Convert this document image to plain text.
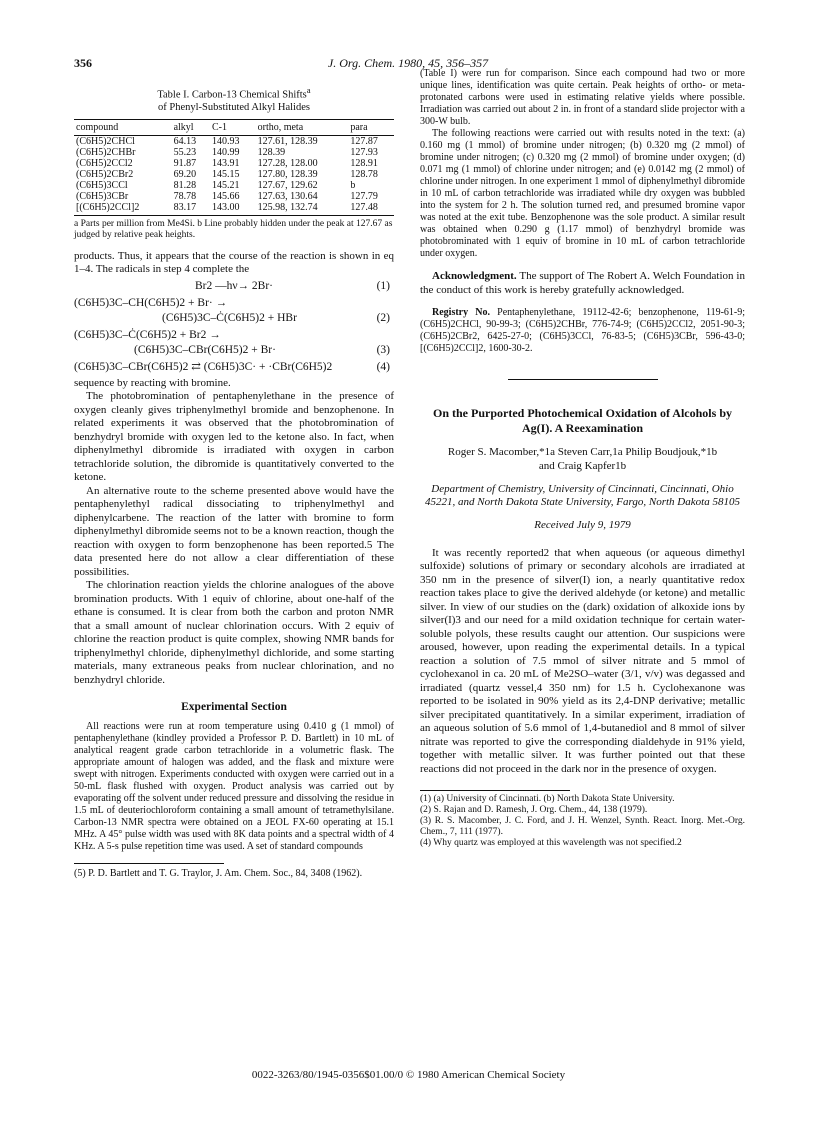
356	J. Org. Chem. 1980, 45, 356–357
Table I. Carbon-13 Chemical Shifts$^a$
of Phenyl-Substituted Alkyl Halides
compound	alkyl	C-1	ortho, meta	para
(C6H5)2CHCl	64.13	140.93	127.61, 128.39	127.87
(C6H5)2CHBr	55.23	140.99	128.39	127.93
(C6H5)2CCl2	91.87	143.91	127.28, 128.00	128.91
(C6H5)2CBr2	69.20	145.15	127.80, 128.39	128.78
(C6H5)3CCl	81.28	145.21	127.67, 129.62	b
(C6H5)3CBr	78.78	145.66	127.63, 130.64	127.79
[(C6H5)2CCl]2	83.17	143.00	125.98, 132.74	127.48
a Parts per million from Me4Si. b Line probably hidden under the peak at 127.67 as judged by relative peak heights.

products. Thus, it appears that the course of the reaction is shown in eq 1–4. The radicals in step 4 complete the

Br2 —hν→ 2Br·	(1)
(C6H5)3C–CH(C6H5)2 + Br· →
(C6H5)3C–Ċ(C6H5)2 + HBr	(2)
(C6H5)3C–Ċ(C6H5)2 + Br2 →
(C6H5)3C–CBr(C6H5)2 + Br·	(3)
(C6H5)3C–CBr(C6H5)2 ⇄ (C6H5)3C· + ·CBr(C6H5)2	(4)

sequence by reacting with bromine.

The photobromination of pentaphenylethane in the presence of oxygen cleanly gives triphenylmethyl bromide and benzophenone. In related experiments it was observed that the photobromination of benzhydryl bromide with oxygen led to the ketone also. In fact, when diphenylmethyl dibromide is irradiated with oxygen in carbon tetrachloride solution, the dibromide is quantitatively converted to the ketone.

An alternative route to the scheme presented above would have the pentaphenylethyl radical dissociating to triphenylmethyl and diphenylcarbene. The reaction of the latter with bromine to form diphenylmethyl dibromide seems not to be a known reaction, though the reaction with oxygen to form benzophenone has been reported.5 The data presented here do not allow a clear differentiation of these possibilities.

The chlorination reaction yields the chlorine analogues of the above bromination products. With 1 equiv of chlorine, about one-half of the ethane is consumed. It is clear from both the carbon and proton NMR that a small amount of nuclear chlorination occurs. With 2 equiv of chlorine the reaction product is quite complex, showing NMR bands for triphenylmethyl chloride, diphenylmethyl dichloride, and some starting materials, many extraneous peaks from nuclear chlorination, and no benzhydryl chloride.

Experimental Section

All reactions were run at room temperature using 0.410 g (1 mmol) of pentaphenylethane (kindley provided a Professor P. D. Bartlett) in 10 mL of analytical reagent grade carbon tetrachloride in a volumetric flask. The appropriate amount of halogen was added, and the flask and mixture were swept with nitrogen. Experiments conducted with oxygen were carried out in a 50-mL flask flushed with oxygen. Product analysis was carried out by evaporating off the solvent under reduced pressure and dissolving the residue in 1.5 mL of deuteriochloroform containing a small amount of tetramethylsilane. Carbon-13 NMR spectra were obtained on a JEOL FX-60 operating at 15.1 MHz. A 45° pulse width was used with 8K data points and a spectral width of 4 KHz. A 5-s pulse repetition time was used. A set of standard compounds

(5) P. D. Bartlett and T. G. Traylor, J. Am. Chem. Soc., 84, 3408 (1962).

(Table I) were run for comparison. Since each compound had two or more unique lines, identification was quite certain. Peak heights of ortho- or meta-protonated carbons were used in estimating relative yields where possible. Irradiation was carried out about 2 in. in front of a standard slide projector with a 300-W bulb.

The following reactions were carried out with results noted in the text: (a) 0.160 mg (1 mmol) of bromine under nitrogen; (b) 0.320 mg (2 mmol) of bromine under nitrogen; (c) 0.320 mg (2 mmol) of bromine under oxygen; (d) 0.071 mg (1 mmol) of chlorine under nitrogen; and (e) 0.0142 mg (2 mmol) of chlorine under nitrogen. In one experiment 1 mmol of diphenylmethyl dibromide in 10 mL of carbon tetrachloride was irradiated while dry oxygen was bubbled into the system for 2 h. The solution turned red, and presumed bromine vapor was noted at the exit tube. Benzophenone was the sole product. A similar result was obtained when 0.290 g (1.17 mmol) of benzhydryl bromide was photobrominated with 1 equiv of bromine in 10 mL of carbon tetrachloride under oxygen.

Acknowledgment. The support of The Robert A. Welch Foundation in the conduct of this work is hereby gratefully acknowledged.

Registry No. Pentaphenylethane, 19112-42-6; benzophenone, 119-61-9; (C6H5)2CHCl, 90-99-3; (C6H5)2CHBr, 776-74-9; (C6H5)2CCl2, 2051-90-3; (C6H5)2CBr2, 6425-27-0; (C6H5)3CCl, 76-83-5; (C6H5)3CBr, 596-43-0; [(C6H5)2CCl]2, 1600-30-2.

On the Purported Photochemical Oxidation of Alcohols by Ag(I). A Reexamination
Roger S. Macomber,*1a Steven Carr,1a Philip Boudjouk,*1b
and Craig Kapfer1b
Department of Chemistry, University of Cincinnati, Cincinnati, Ohio 45221, and North Dakota State University, Fargo, North Dakota 58105
Received July 9, 1979

It was recently reported2 that when aqueous (or aqueous dimethyl sulfoxide) solutions of primary or secondary alcohols are irradiated at 350 nm in the presence of silver(I) ion, a nearly quantitative redox reaction takes place to give the derived aldehyde (or ketone) and metallic silver. In view of our studies on the (dark) oxidation of alkoxide ions by silver(I)3 and our need for a mild oxidation technique for certain water-soluble polyols, these results caught our attention. Our suspicions were aroused, however, upon reading the experimental details. In a typical reaction a solution of 7.5 mmol of silver nitrate and 5 mmol of cyclohexanol in ca. 20 mL of Me2SO–water (3/1, v/v) was degassed and irradiated (quartz vessel,4 350 nm) for 1.5 h. Cyclohexanone was reported to be isolated in 90% yield as its 2,4-DNP derivative; metallic silver precipitated quantitatively. In a similar experiment, irradiation of an aqueous solution of 5.6 mmol of 1,4-butanediol and 8 mmol of silver nitrate was reported to give the corresponding dialdehyde in 91% yield, together with metallic silver. It was further pointed out that these reactions did not proceed in the dark nor in the presence of oxygen.

(1) (a) University of Cincinnati. (b) North Dakota State University.
(2) S. Rajan and D. Ramesh, J. Org. Chem., 44, 138 (1979).
(3) R. S. Macomber, J. C. Ford, and J. H. Wenzel, Synth. React. Inorg. Met.-Org. Chem., 7, 111 (1977).
(4) Why quartz was employed at this wavelength was not specified.2
0022-3263/80/1945-0356$01.00/0 © 1980 American Chemical Society
